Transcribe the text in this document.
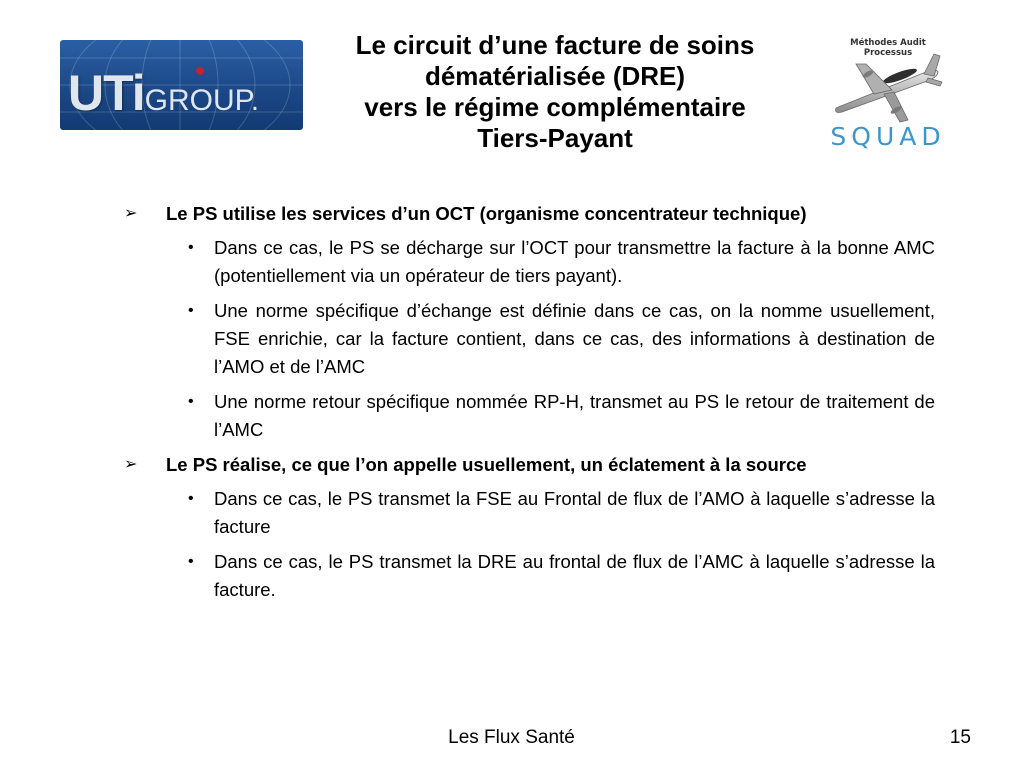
UTiGROUP.
Le circuit d’une facture de soins
dématérialisée (DRE)
vers le régime complémentaire
Tiers-Payant
Méthodes Audit Processus
SQUAD
➢ Le PS utilise les services d’un OCT (organisme concentrateur technique)
• Dans ce cas, le PS se décharge sur l’OCT pour transmettre la facture à la bonne AMC (potentiellement via un opérateur de tiers payant).
• Une norme spécifique d’échange est définie dans ce cas, on la nomme usuellement, FSE enrichie, car la facture contient, dans ce cas, des informations à destination de l’AMO et de l’AMC
• Une norme retour spécifique nommée RP-H, transmet au PS le retour de traitement de l’AMC
➢ Le PS réalise, ce que l’on appelle usuellement, un éclatement à la source
• Dans ce cas, le PS transmet la FSE au Frontal de flux de l’AMO à laquelle s’adresse la facture
• Dans ce cas, le PS transmet la DRE au frontal de flux de l’AMC à laquelle s’adresse la facture.
Les Flux Santé	15
